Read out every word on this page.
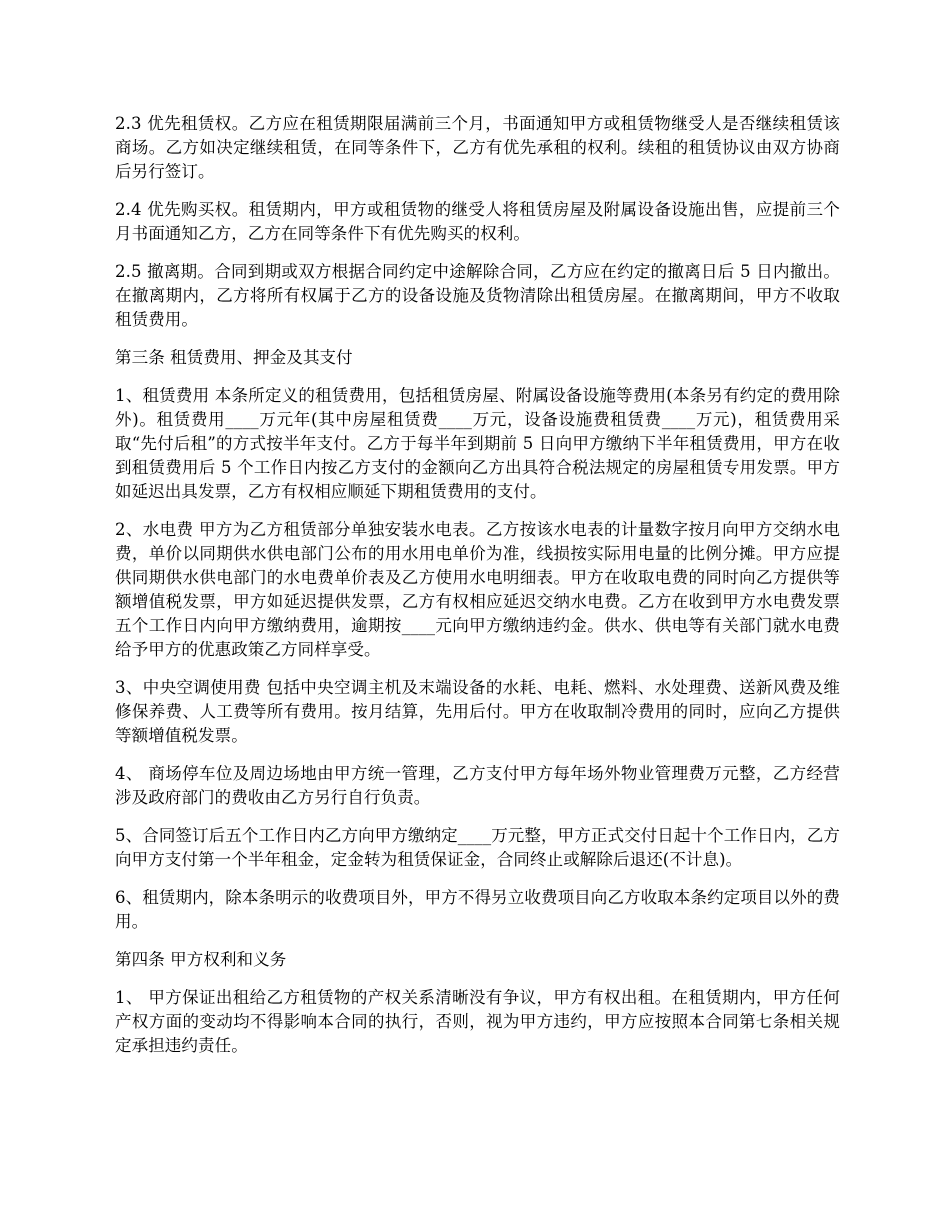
2.3 优先租赁权。乙方应在租赁期限届满前三个月，书面通知甲方或租赁物继受人是否继续租赁该商场。乙方如决定继续租赁，在同等条件下，乙方有优先承租的权利。续租的租赁协议由双方协商后另行签订。

2.4 优先购买权。租赁期内，甲方或租赁物的继受人将租赁房屋及附属设备设施出售，应提前三个月书面通知乙方，乙方在同等条件下有优先购买的权利。

2.5 撤离期。合同到期或双方根据合同约定中途解除合同，乙方应在约定的撤离日后 5 日内撤出。在撤离期内，乙方将所有权属于乙方的设备设施及货物清除出租赁房屋。在撤离期间，甲方不收取租赁费用。

第三条 租赁费用、押金及其支付

1、租赁费用 本条所定义的租赁费用，包括租赁房屋、附属设备设施等费用(本条另有约定的费用除外)。租赁费用____万元年(其中房屋租赁费____万元，设备设施费租赁费____万元)，租赁费用采取“先付后租”的方式按半年支付。乙方于每半年到期前 5 日向甲方缴纳下半年租赁费用，甲方在收到租赁费用后 5 个工作日内按乙方支付的金额向乙方出具符合税法规定的房屋租赁专用发票。甲方如延迟出具发票，乙方有权相应顺延下期租赁费用的支付。

2、水电费 甲方为乙方租赁部分单独安装水电表。乙方按该水电表的计量数字按月向甲方交纳水电费，单价以同期供水供电部门公布的用水用电单价为准，线损按实际用电量的比例分摊。甲方应提供同期供水供电部门的水电费单价表及乙方使用水电明细表。甲方在收取电费的同时向乙方提供等额增值税发票，甲方如延迟提供发票，乙方有权相应延迟交纳水电费。乙方在收到甲方水电费发票五个工作日内向甲方缴纳费用，逾期按____元向甲方缴纳违约金。供水、供电等有关部门就水电费给予甲方的优惠政策乙方同样享受。

3、中央空调使用费 包括中央空调主机及末端设备的水耗、电耗、燃料、水处理费、送新风费及维修保养费、人工费等所有费用。按月结算，先用后付。甲方在收取制冷费用的同时，应向乙方提供等额增值税发票。

4、 商场停车位及周边场地由甲方统一管理，乙方支付甲方每年场外物业管理费万元整，乙方经营涉及政府部门的费收由乙方另行自行负责。

5、合同签订后五个工作日内乙方向甲方缴纳定____万元整，甲方正式交付日起十个工作日内，乙方向甲方支付第一个半年租金，定金转为租赁保证金，合同终止或解除后退还(不计息)。

6、租赁期内，除本条明示的收费项目外，甲方不得另立收费项目向乙方收取本条约定项目以外的费用。

第四条 甲方权利和义务

1、 甲方保证出租给乙方租赁物的产权关系清晰没有争议，甲方有权出租。在租赁期内，甲方任何产权方面的变动均不得影响本合同的执行，否则，视为甲方违约，甲方应按照本合同第七条相关规定承担违约责任。
